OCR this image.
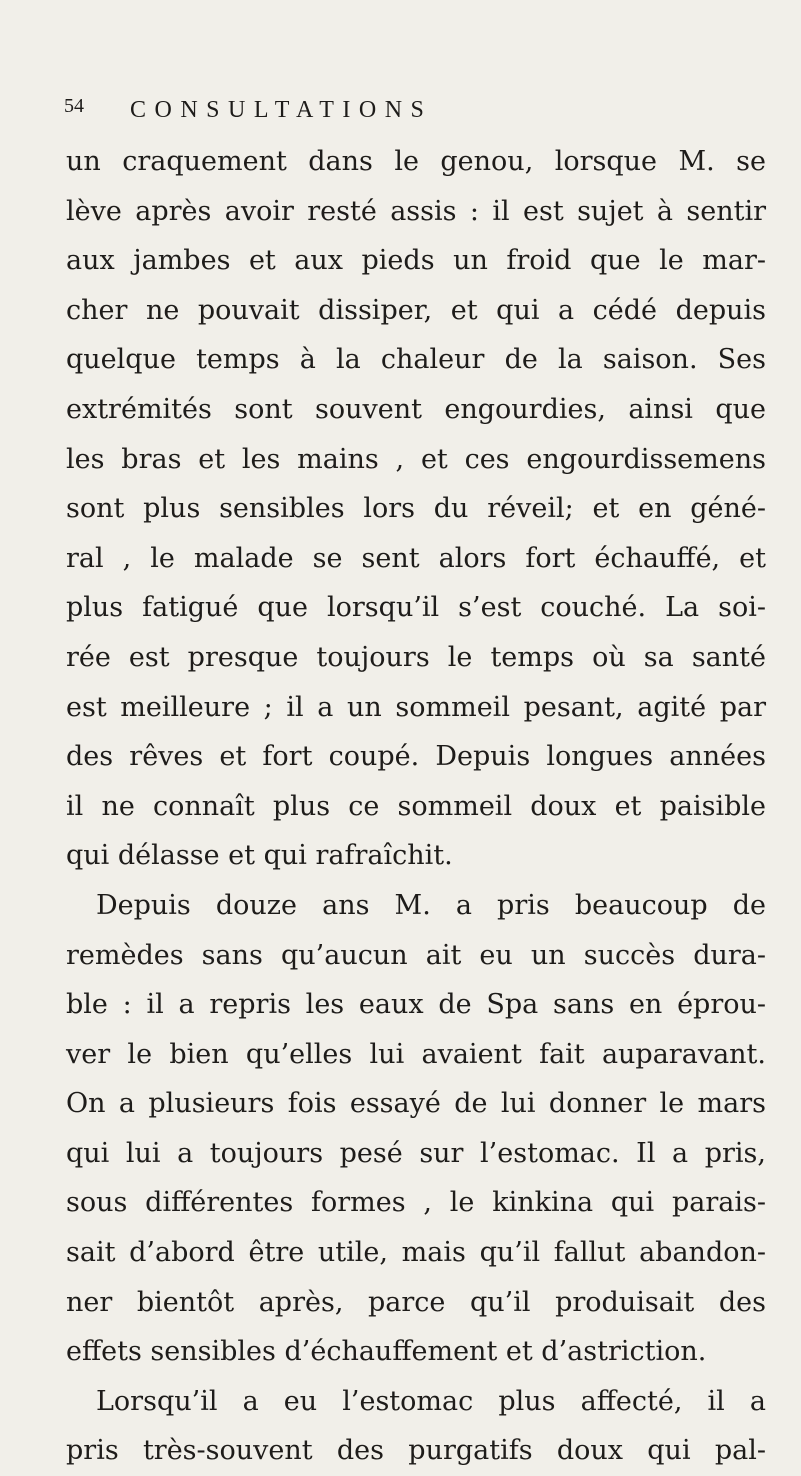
54 CONSULTATIONS
un craquement dans le genou, lorsque M. se
lève après avoir resté assis : il est sujet à sentir
aux jambes et aux pieds un froid que le mar-
cher ne pouvait dissiper, et qui a cédé depuis
quelque temps à la chaleur de la saison. Ses
extrémités sont souvent engourdies, ainsi que
les bras et les mains , et ces engourdissemens
sont plus sensibles lors du réveil; et en géné-
ral , le malade se sent alors fort échauffé, et
plus fatigué que lorsqu’il s’est couché. La soi-
rée est presque toujours le temps où sa santé
est meilleure ; il a un sommeil pesant, agité par
des rêves et fort coupé. Depuis longues années
il ne connaît plus ce sommeil doux et paisible
qui délasse et qui rafraîchit.
Depuis douze ans M. a pris beaucoup de
remèdes sans qu’aucun ait eu un succès dura-
ble : il a repris les eaux de Spa sans en éprou-
ver le bien qu’elles lui avaient fait auparavant.
On a plusieurs fois essayé de lui donner le mars
qui lui a toujours pesé sur l’estomac. Il a pris,
sous différentes formes , le kinkina qui parais-
sait d’abord être utile, mais qu’il fallut abandon-
ner bientôt après, parce qu’il produisait des
effets sensibles d’échauffement et d’astriction.
Lorsqu’il a eu l’estomac plus affecté, il a
pris très-souvent des purgatifs doux qui pal-
